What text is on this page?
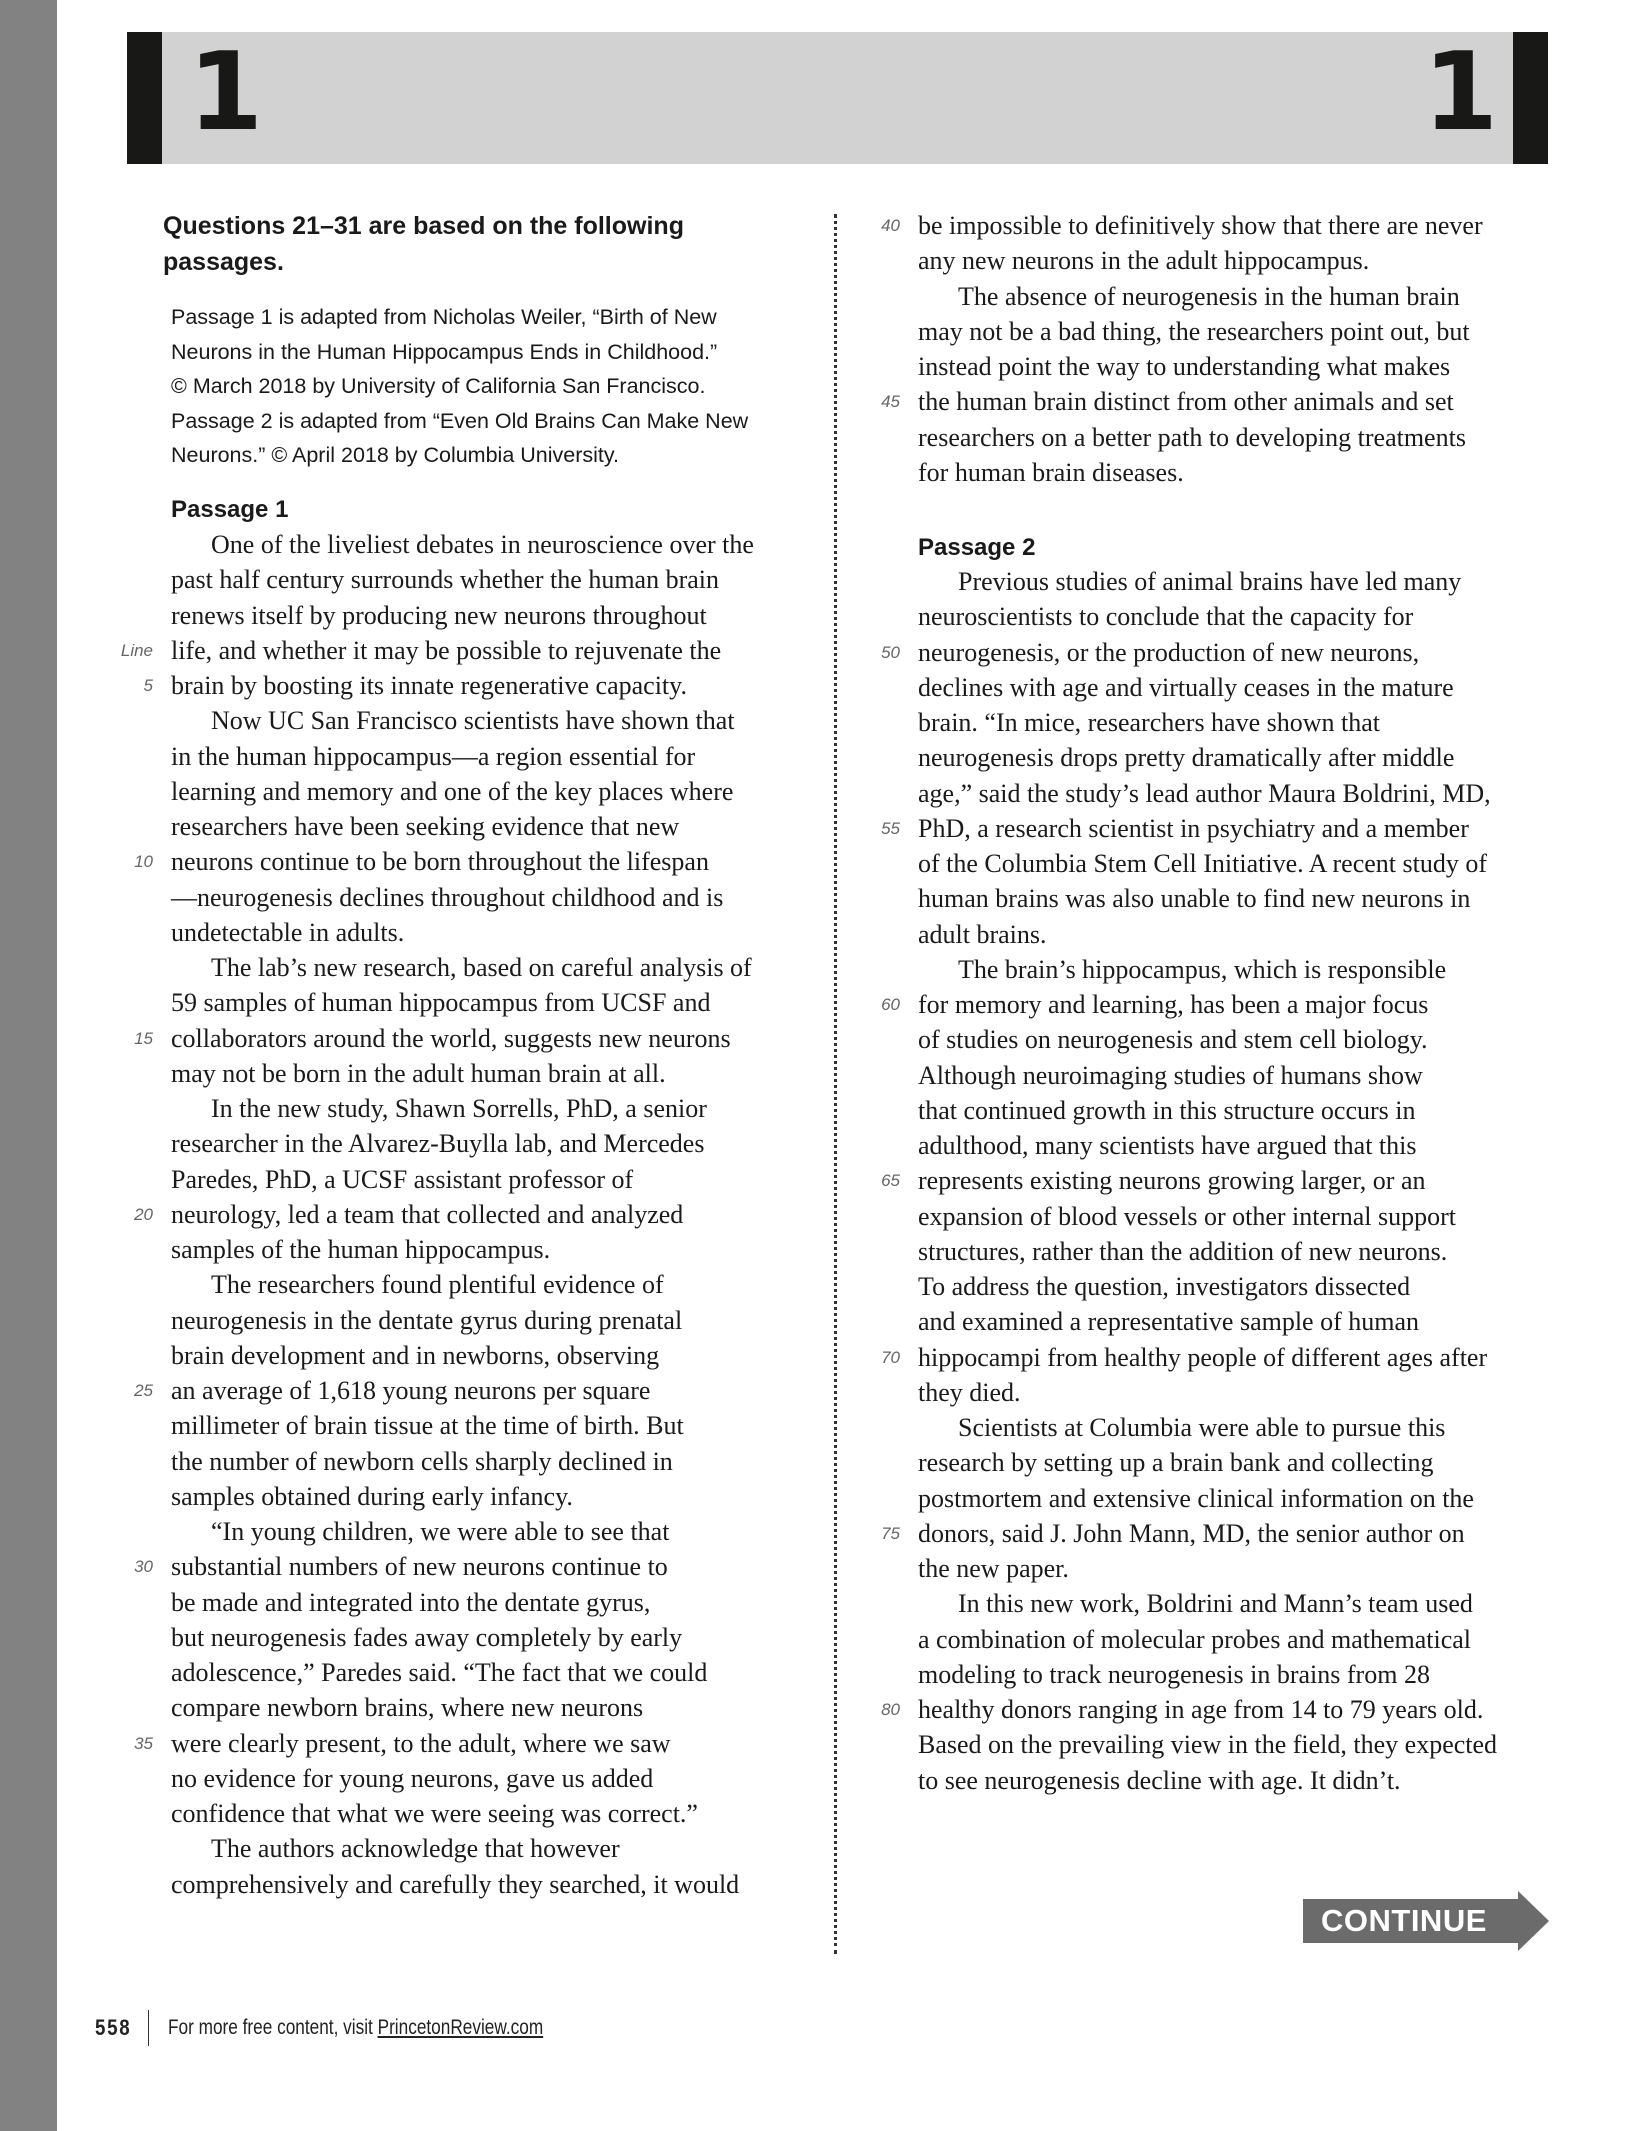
1	1
Questions 21–31 are based on the following
passages.
Passage 1 is adapted from Nicholas Weiler, “Birth of New
Neurons in the Human Hippocampus Ends in Childhood.”
© March 2018 by University of California San Francisco.
Passage 2 is adapted from “Even Old Brains Can Make New
Neurons.” © April 2018 by Columbia University.
Passage 1
One of the liveliest debates in neuroscience over the
past half century surrounds whether the human brain
renews itself by producing new neurons throughout
Line life, and whether it may be possible to rejuvenate the
5 brain by boosting its innate regenerative capacity.
Now UC San Francisco scientists have shown that
in the human hippocampus—a region essential for
learning and memory and one of the key places where
researchers have been seeking evidence that new
10 neurons continue to be born throughout the lifespan
—neurogenesis declines throughout childhood and is
undetectable in adults.
The lab’s new research, based on careful analysis of
59 samples of human hippocampus from UCSF and
15 collaborators around the world, suggests new neurons
may not be born in the adult human brain at all.
In the new study, Shawn Sorrells, PhD, a senior
researcher in the Alvarez-Buylla lab, and Mercedes
Paredes, PhD, a UCSF assistant professor of
20 neurology, led a team that collected and analyzed
samples of the human hippocampus.
The researchers found plentiful evidence of
neurogenesis in the dentate gyrus during prenatal
brain development and in newborns, observing
25 an average of 1,618 young neurons per square
millimeter of brain tissue at the time of birth. But
the number of newborn cells sharply declined in
samples obtained during early infancy.
“In young children, we were able to see that
30 substantial numbers of new neurons continue to
be made and integrated into the dentate gyrus,
but neurogenesis fades away completely by early
adolescence,” Paredes said. “The fact that we could
compare newborn brains, where new neurons
35 were clearly present, to the adult, where we saw
no evidence for young neurons, gave us added
confidence that what we were seeing was correct.”
The authors acknowledge that however
comprehensively and carefully they searched, it would
40 be impossible to definitively show that there are never
any new neurons in the adult hippocampus.
The absence of neurogenesis in the human brain
may not be a bad thing, the researchers point out, but
instead point the way to understanding what makes
45 the human brain distinct from other animals and set
researchers on a better path to developing treatments
for human brain diseases.
Passage 2
Previous studies of animal brains have led many
neuroscientists to conclude that the capacity for
50 neurogenesis, or the production of new neurons,
declines with age and virtually ceases in the mature
brain. “In mice, researchers have shown that
neurogenesis drops pretty dramatically after middle
age,” said the study’s lead author Maura Boldrini, MD,
55 PhD, a research scientist in psychiatry and a member
of the Columbia Stem Cell Initiative. A recent study of
human brains was also unable to find new neurons in
adult brains.
The brain’s hippocampus, which is responsible
60 for memory and learning, has been a major focus
of studies on neurogenesis and stem cell biology.
Although neuroimaging studies of humans show
that continued growth in this structure occurs in
adulthood, many scientists have argued that this
65 represents existing neurons growing larger, or an
expansion of blood vessels or other internal support
structures, rather than the addition of new neurons.
To address the question, investigators dissected
and examined a representative sample of human
70 hippocampi from healthy people of different ages after
they died.
Scientists at Columbia were able to pursue this
research by setting up a brain bank and collecting
postmortem and extensive clinical information on the
75 donors, said J. John Mann, MD, the senior author on
the new paper.
In this new work, Boldrini and Mann’s team used
a combination of molecular probes and mathematical
modeling to track neurogenesis in brains from 28
80 healthy donors ranging in age from 14 to 79 years old.
Based on the prevailing view in the field, they expected
to see neurogenesis decline with age. It didn’t.
CONTINUE
558 For more free content, visit PrincetonReview.com
